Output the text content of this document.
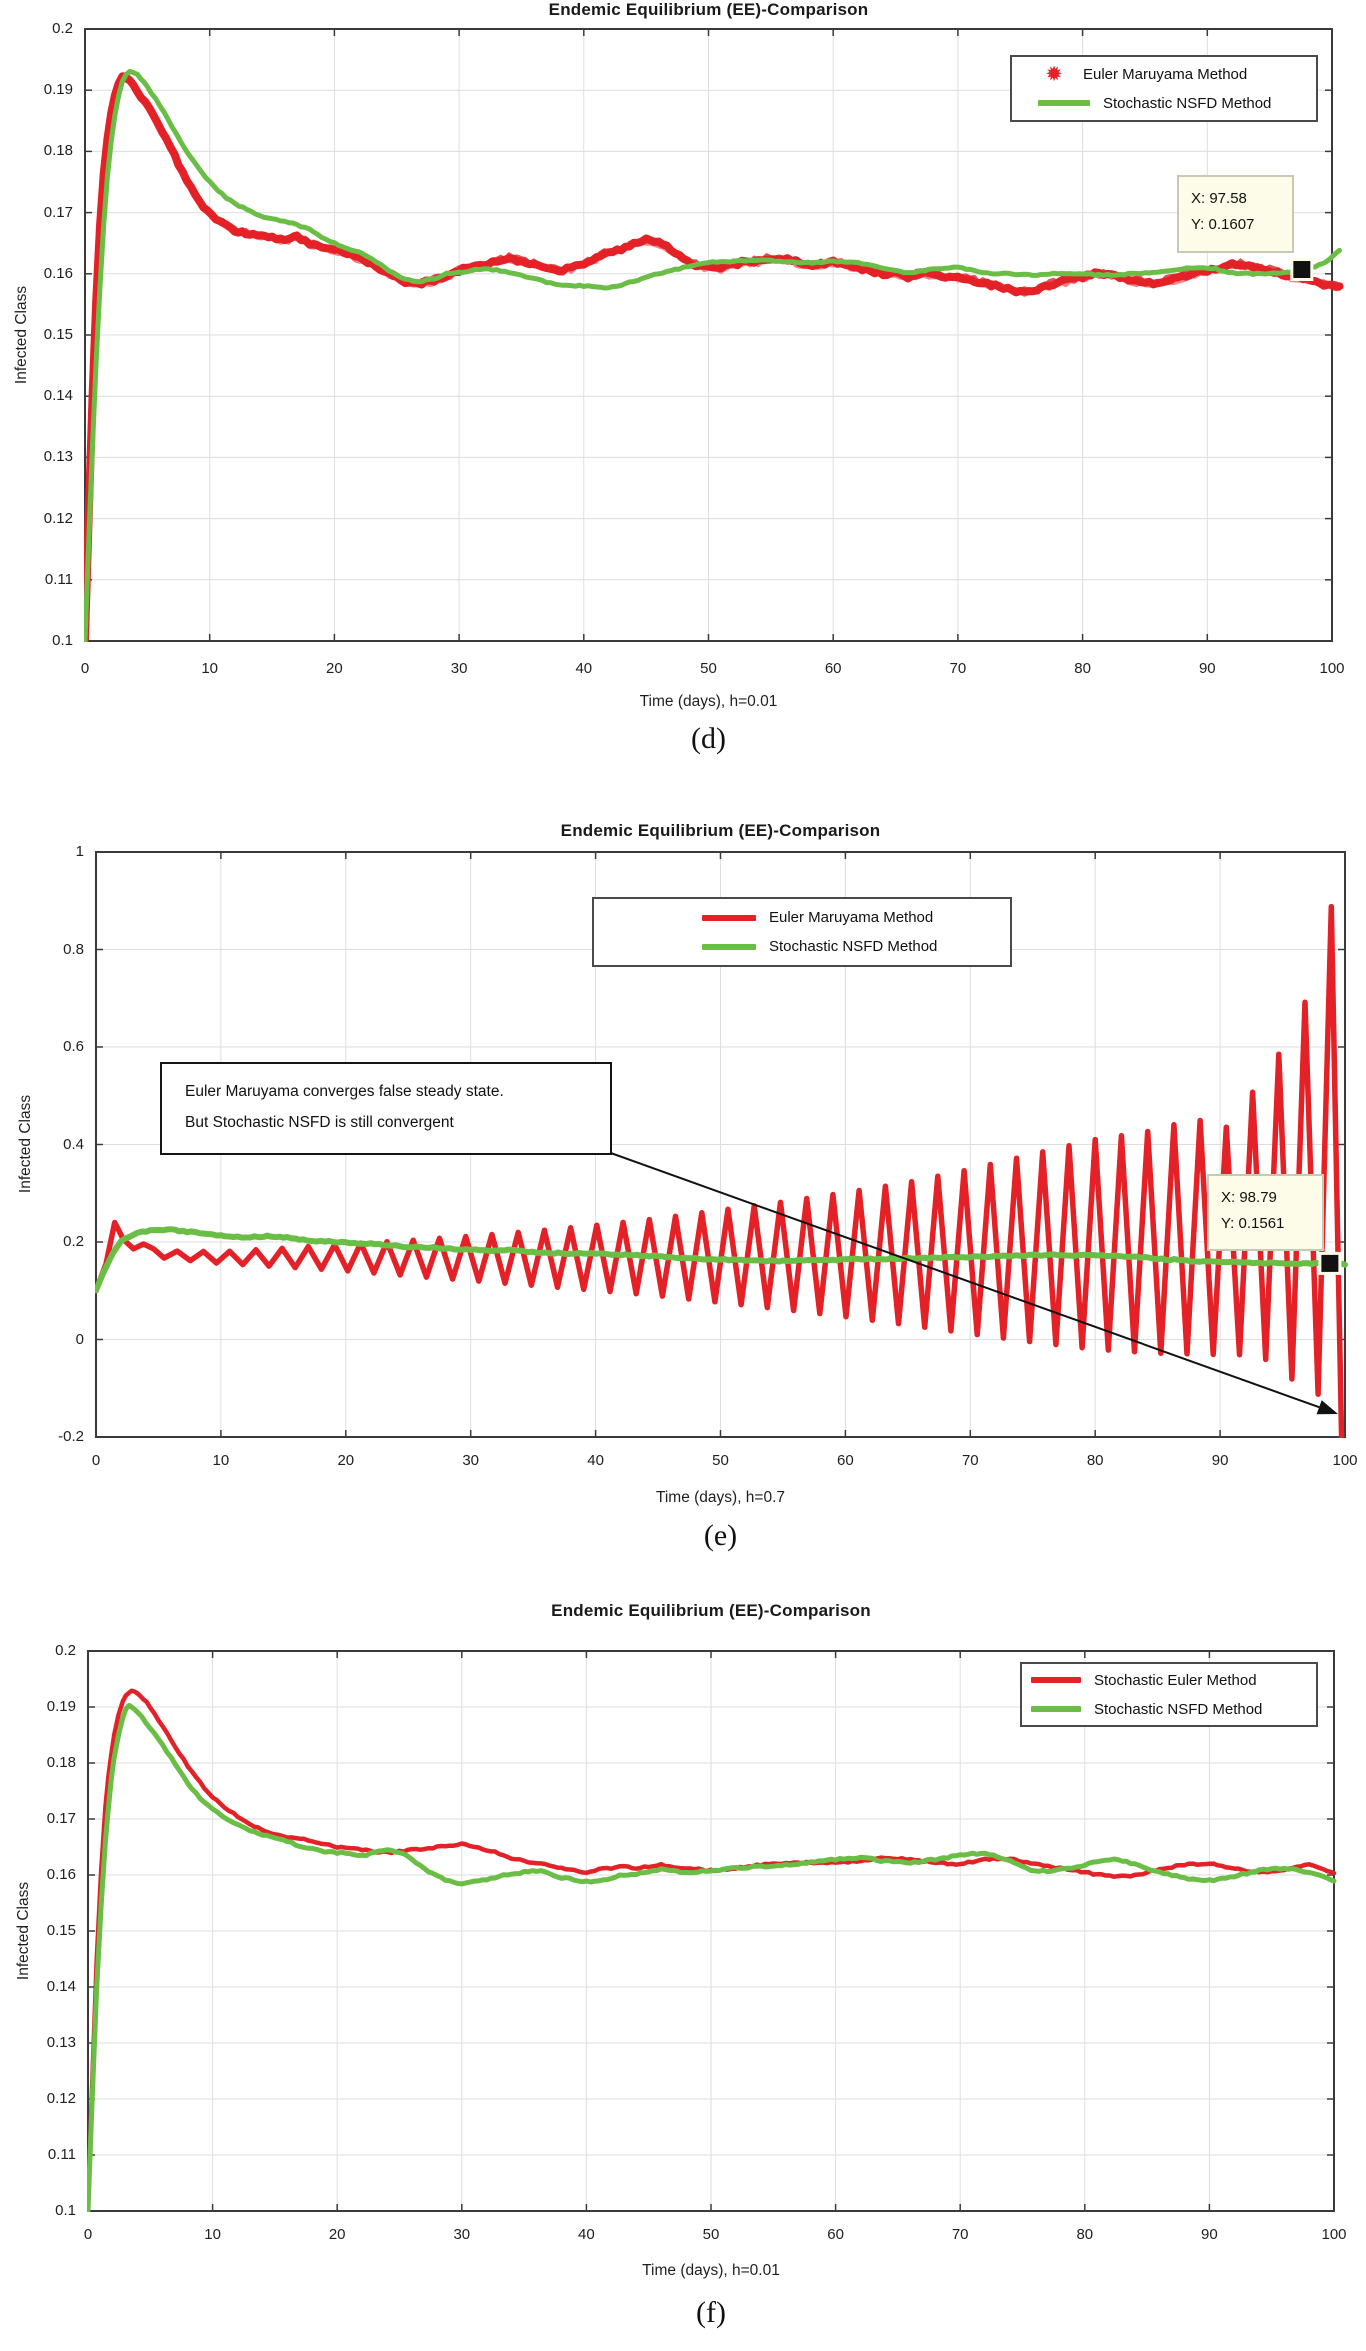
Endemic Equilibrium (EE)-Comparison
Endemic Equilibrium (EE)-Comparison
Endemic Equilibrium (EE)-Comparison
Infected Class
Infected Class
Infected Class
Time (days), h=0.01
Time (days), h=0.7
Time (days), h=0.01
(d)
(e)
(f)
✹	Euler Maruyama Method
Stochastic NSFD Method
Euler Maruyama Method
Stochastic NSFD Method
Stochastic Euler Method
Stochastic NSFD Method
X: 97.58
Y: 0.1607
X: 98.79
Y: 0.1561
Euler Maruyama converges false steady state.
But Stochastic NSFD is still convergent
0	10	20	30	40	50	60	70	80	90	100
0.1
0.11
0.12
0.13
0.14
0.15
0.16
0.17
0.18
0.19
0.2
0	10	20	30	40	50	60	70	80	90	100
-0.2
0
0.2
0.4
0.6
0.8
1
0	10	20	30	40	50	60	70	80	90	100
0.1
0.11
0.12
0.13
0.14
0.15
0.16
0.17
0.18
0.19
0.2
